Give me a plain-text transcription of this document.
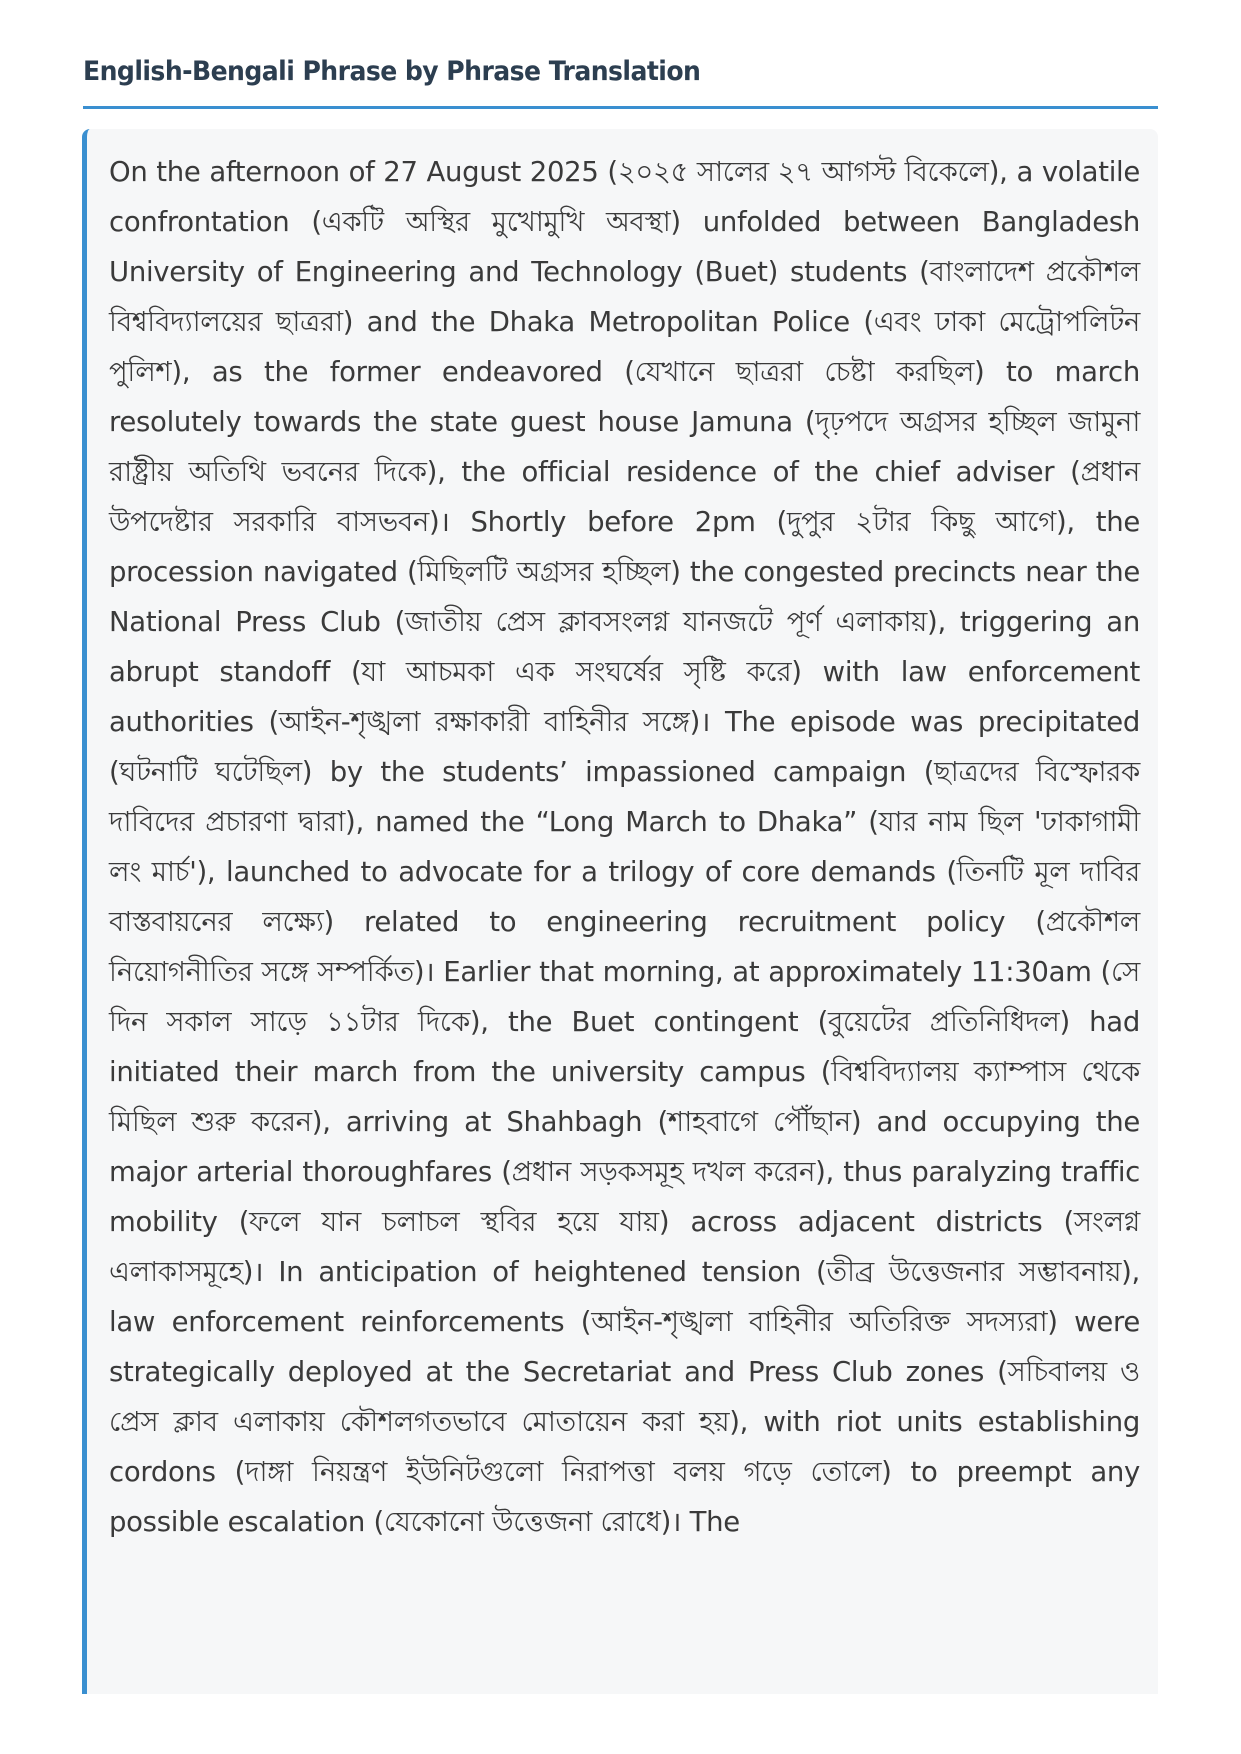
English-Bengali Phrase by Phrase Translation

On the afternoon of 27 August 2025 (২০২৫ সালের ২৭ আগস্ট বিকেলে), a volatile confrontation (একটি অস্থির মুখোমুখি অবস্থা) unfolded between Bangladesh University of Engineering and Technology (Buet) students (বাংলাদেশ প্রকৌশল বিশ্ববিদ্যালয়ের ছাত্ররা) and the Dhaka Metropolitan Police (এবং ঢাকা মেট্রোপলিটন পুলিশ), as the former endeavored (যেখানে ছাত্ররা চেষ্টা করছিল) to march resolutely towards the state guest house Jamuna (দৃঢ়পদে অগ্রসর হচ্ছিল জামুনা রাষ্ট্রীয় অতিথি ভবনের দিকে), the official residence of the chief adviser (প্রধান উপদেষ্টার সরকারি বাসভবন)। Shortly before 2pm (দুপুর ২টার কিছু আগে), the procession navigated (মিছিলটি অগ্রসর হচ্ছিল) the congested precincts near the National Press Club (জাতীয় প্রেস ক্লাবসংলগ্ন যানজটে পূর্ণ এলাকায়), triggering an abrupt standoff (যা আচমকা এক সংঘর্ষের সৃষ্টি করে) with law enforcement authorities (আইন-শৃঙ্খলা রক্ষাকারী বাহিনীর সঙ্গে)। The episode was precipitated (ঘটনাটি ঘটেছিল) by the students’ impassioned campaign (ছাত্রদের বিস্ফোরক দাবিদের প্রচারণা দ্বারা), named the “Long March to Dhaka” (যার নাম ছিল 'ঢাকাগামী লং মার্চ'), launched to advocate for a trilogy of core demands (তিনটি মূল দাবির বাস্তবায়নের লক্ষ্যে) related to engineering recruitment policy (প্রকৌশল নিয়োগনীতির সঙ্গে সম্পর্কিত)। Earlier that morning, at approximately 11:30am (সে দিন সকাল সাড়ে ১১টার দিকে), the Buet contingent (বুয়েটের প্রতিনিধিদল) had initiated their march from the university campus (বিশ্ববিদ্যালয় ক্যাম্পাস থেকে মিছিল শুরু করেন), arriving at Shahbagh (শাহবাগে পৌঁছান) and occupying the major arterial thoroughfares (প্রধান সড়কসমূহ দখল করেন), thus paralyzing traffic mobility (ফলে যান চলাচল স্থবির হয়ে যায়) across adjacent districts (সংলগ্ন এলাকাসমূহে)। In anticipation of heightened tension (তীব্র উত্তেজনার সম্ভাবনায়), law enforcement reinforcements (আইন-শৃঙ্খলা বাহিনীর অতিরিক্ত সদস্যরা) were strategically deployed at the Secretariat and Press Club zones (সচিবালয় ও প্রেস ক্লাব এলাকায় কৌশলগতভাবে মোতায়েন করা হয়), with riot units establishing cordons (দাঙ্গা নিয়ন্ত্রণ ইউনিটগুলো নিরাপত্তা বলয় গড়ে তোলে) to preempt any possible escalation (যেকোনো উত্তেজনা রোধে)। The
